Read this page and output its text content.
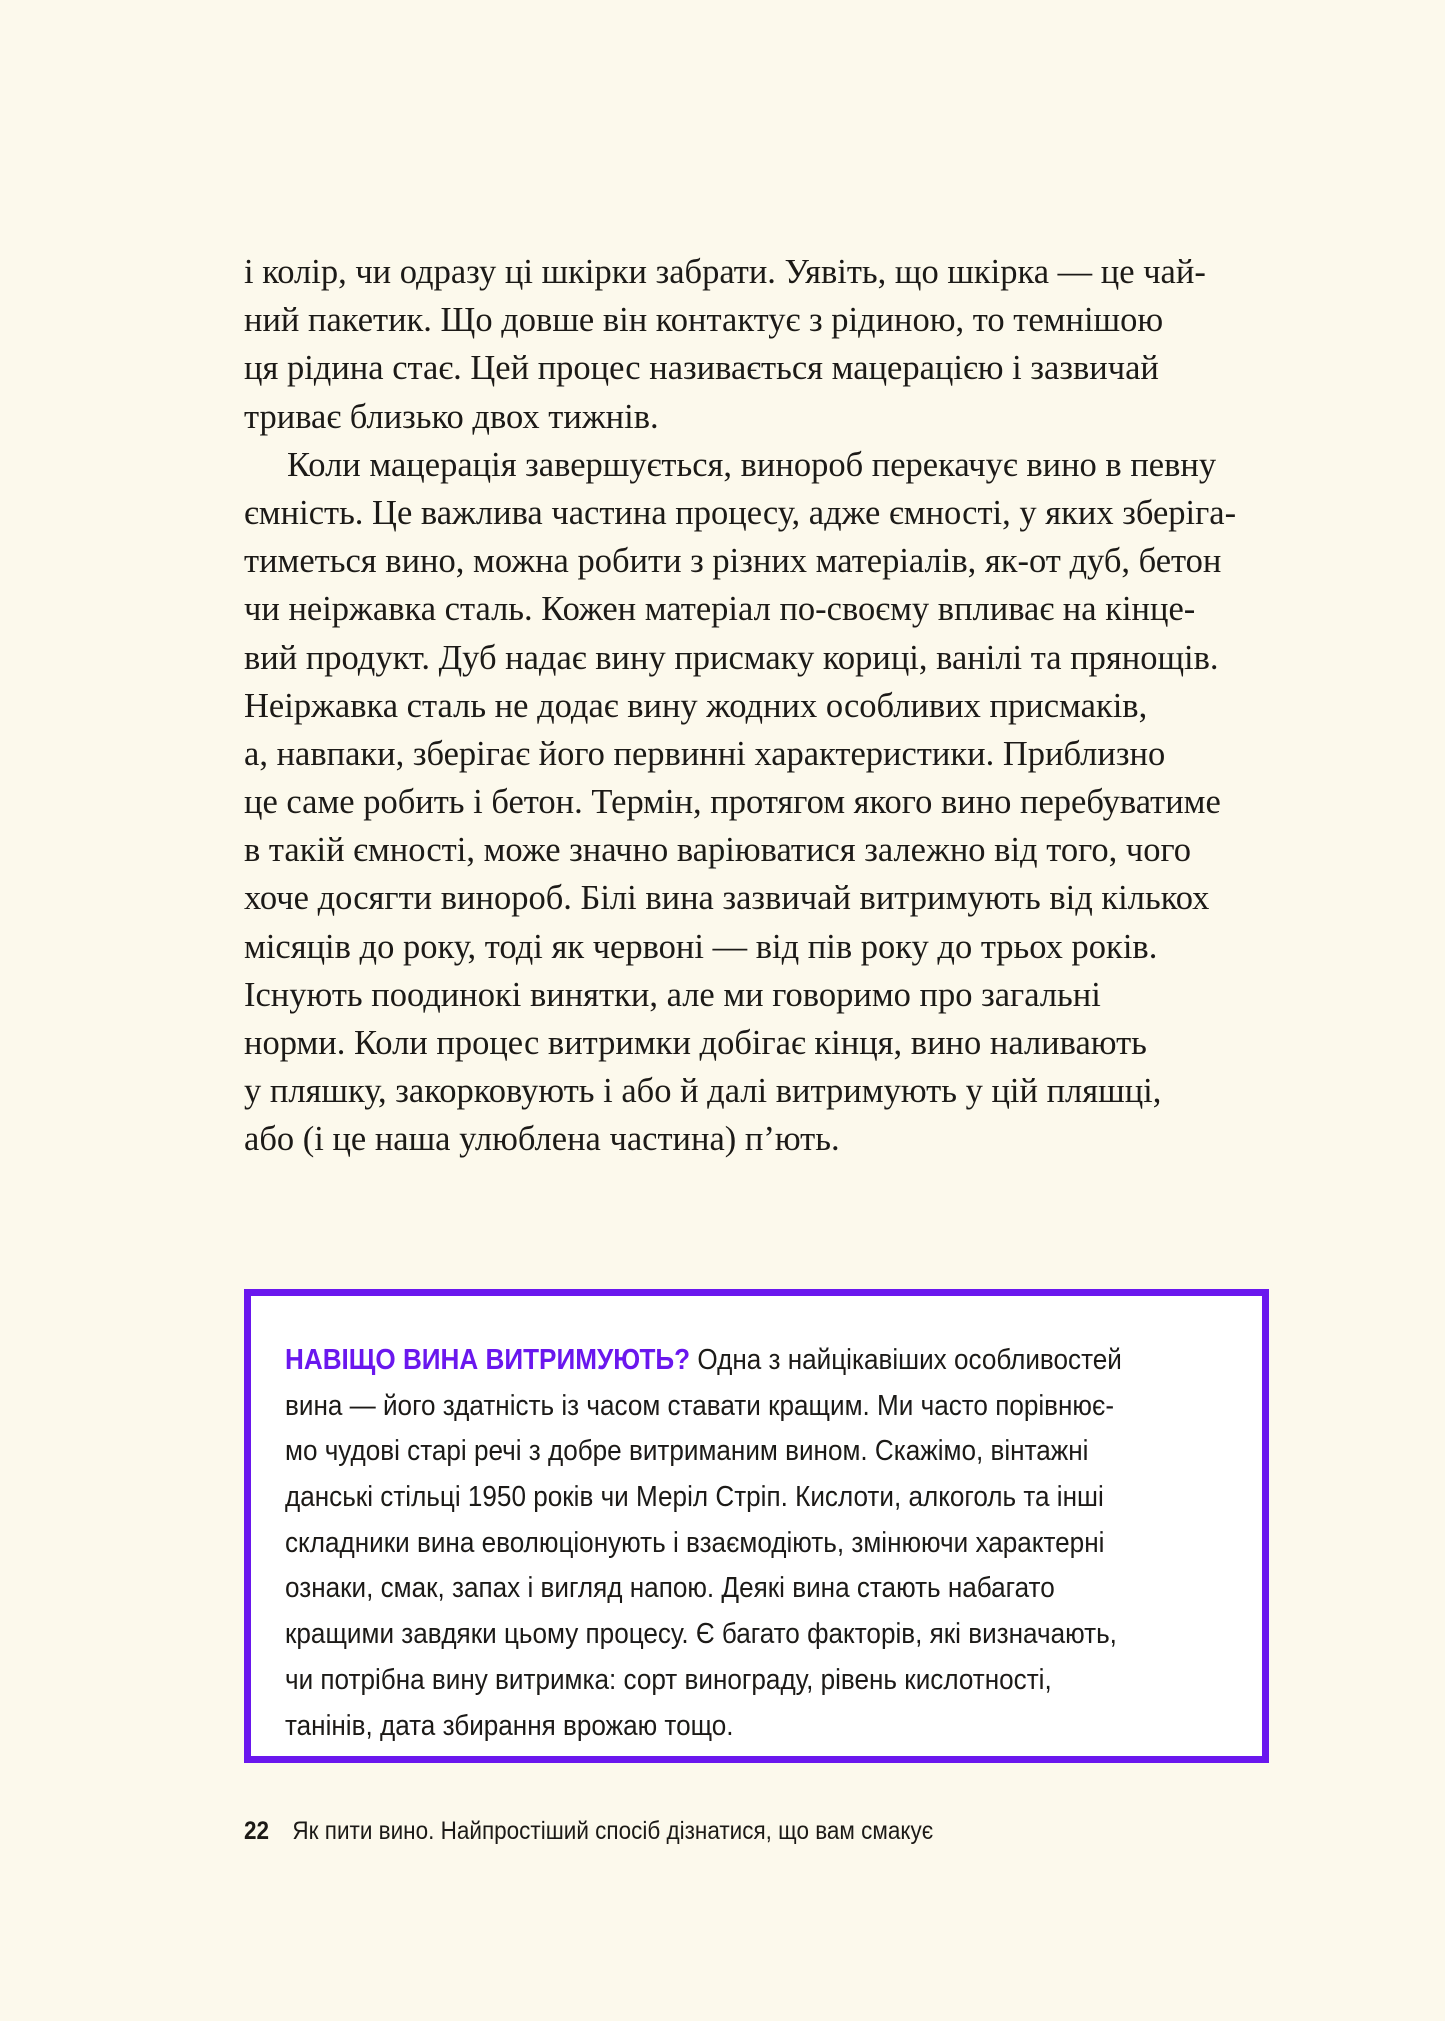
і колір, чи одразу ці шкірки забрати. Уявіть, що шкірка — це чай-
ний пакетик. Що довше він контактує з рідиною, то темнішою
ця рідина стає. Цей процес називається мацерацією і зазвичай
триває близько двох тижнів.
Коли мацерація завершується, винороб перекачує вино в певну
ємність. Це важлива частина процесу, адже ємності, у яких зберіга-
тиметься вино, можна робити з різних матеріалів, як-от дуб, бетон
чи неіржавка сталь. Кожен матеріал по-своєму впливає на кінце-
вий продукт. Дуб надає вину присмаку кориці, ванілі та прянощів.
Неіржавка сталь не додає вину жодних особливих присмаків,
а, навпаки, зберігає його первинні характеристики. Приблизно
це саме робить і бетон. Термін, протягом якого вино перебуватиме
в такій ємності, може значно варіюватися залежно від того, чого
хоче досягти винороб. Білі вина зазвичай витримують від кількох
місяців до року, тоді як червоні — від пів року до трьох років.
Існують поодинокі винятки, але ми говоримо про загальні
норми. Коли процес витримки добігає кінця, вино наливають
у пляшку, закорковують і або й далі витримують у цій пляшці,
або (і це наша улюблена частина) п’ють.
НАВІЩО ВИНА ВИТРИМУЮТЬ? Одна з найцікавіших особливостей
вина — його здатність із часом ставати кращим. Ми часто порівнює-
мо чудові старі речі з добре витриманим вином. Скажімо, вінтажні
данські стільці 1950 років чи Меріл Стріп. Кислоти, алкоголь та інші
складники вина еволюціонують і взаємодіють, змінюючи характерні
ознаки, смак, запах і вигляд напою. Деякі вина стають набагато
кращими завдяки цьому процесу. Є багато факторів, які визначають,
чи потрібна вину витримка: сорт винограду, рівень кислотності,
танінів, дата збирання врожаю тощо.
22 Як пити вино. Найпростіший спосіб дізнатися, що вам смакує
